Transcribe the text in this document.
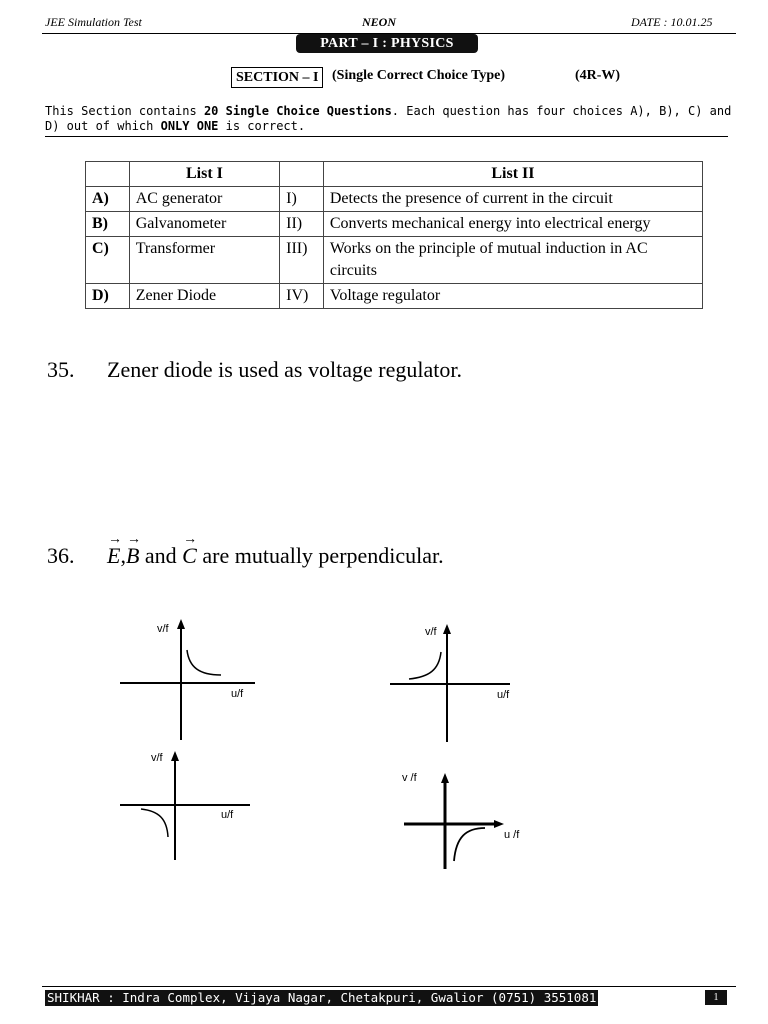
JEE Simulation Test	NEON	DATE : 10.01.25
PART – I : PHYSICS
SECTION – I (Single Correct Choice Type)	(4R-W)
This Section contains 20 Single Choice Questions. Each question has four choices A), B), C) and D) out of which ONLY ONE is correct.
	List I		List II
A)	AC generator	I)	Detects the presence of current in the circuit
B)	Galvanometer	II)	Converts mechanical energy into electrical energy
C)	Transformer	III)	Works on the principle of mutual induction in AC circuits
D)	Zener Diode	IV)	Voltage regulator
35. Zener diode is used as voltage regulator.
36.
→
E,
→
B and
→
C are mutually perpendicular.
v/f
u/f
v/f
u/f
v/f
u/f
v /f
u /f
SHIKHAR : Indra Complex, Vijaya Nagar, Chetakpuri, Gwalior (0751) 3551081	1
